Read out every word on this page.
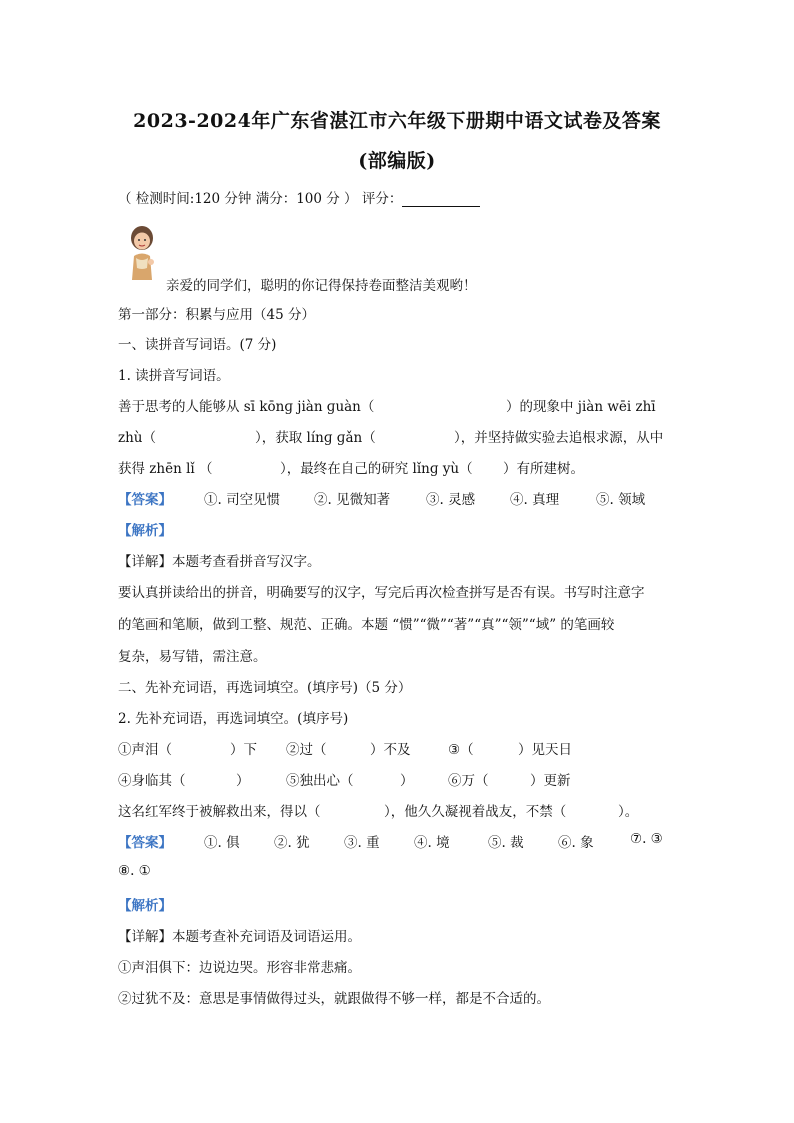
2023-2024年广东省湛江市六年级下册期中语文试卷及答案
(部编版)
（ 检测时间:120 分钟 满分：100 分 ） 评分：
亲爱的同学们，聪明的你记得保持卷面整洁美观哟！
第一部分：积累与应用（45 分）
一、读拼音写词语。(7 分)
1. 读拼音写词语。
善于思考的人能够从 sī kōnɡ jiàn ɡuàn（	）的现象中 jiàn wēi zhī
zhù（	），获取 línɡ ɡǎn（	），并坚持做实验去追根求源，从中
获得 zhēn lǐ （	），最终在自己的研究 lǐnɡ yù（ ）有所建树。
【答案】 ①. 司空见惯	②. 见微知著	③. 灵感	④. 真理	⑤. 领域
【解析】
【详解】本题考查看拼音写汉字。
要认真拼读给出的拼音，明确要写的汉字，写完后再次检查拼写是否有误。书写时注意字
的笔画和笔顺，做到工整、规范、正确。本题 “惯”“微”“著”“真”“领”“域” 的笔画较
复杂，易写错，需注意。
二、先补充词语，再选词填空。(填序号)（5 分）
2. 先补充词语，再选词填空。(填序号)
①声泪（	）下 ②过（	）不及	③（	）见天日
④身临其（	）	⑤独出心（	）	⑥万（	）更新
这名红军终于被解救出来，得以（	），他久久凝视着战友，不禁（	）。
【答案】 ①. 俱	②. 犹	③. 重	④. 境	⑤. 裁	⑥. 象	⑦. ③
⑧. ①
【解析】
【详解】本题考查补充词语及词语运用。
①声泪俱下：边说边哭。形容非常悲痛。
②过犹不及：意思是事情做得过头，就跟做得不够一样，都是不合适的。
